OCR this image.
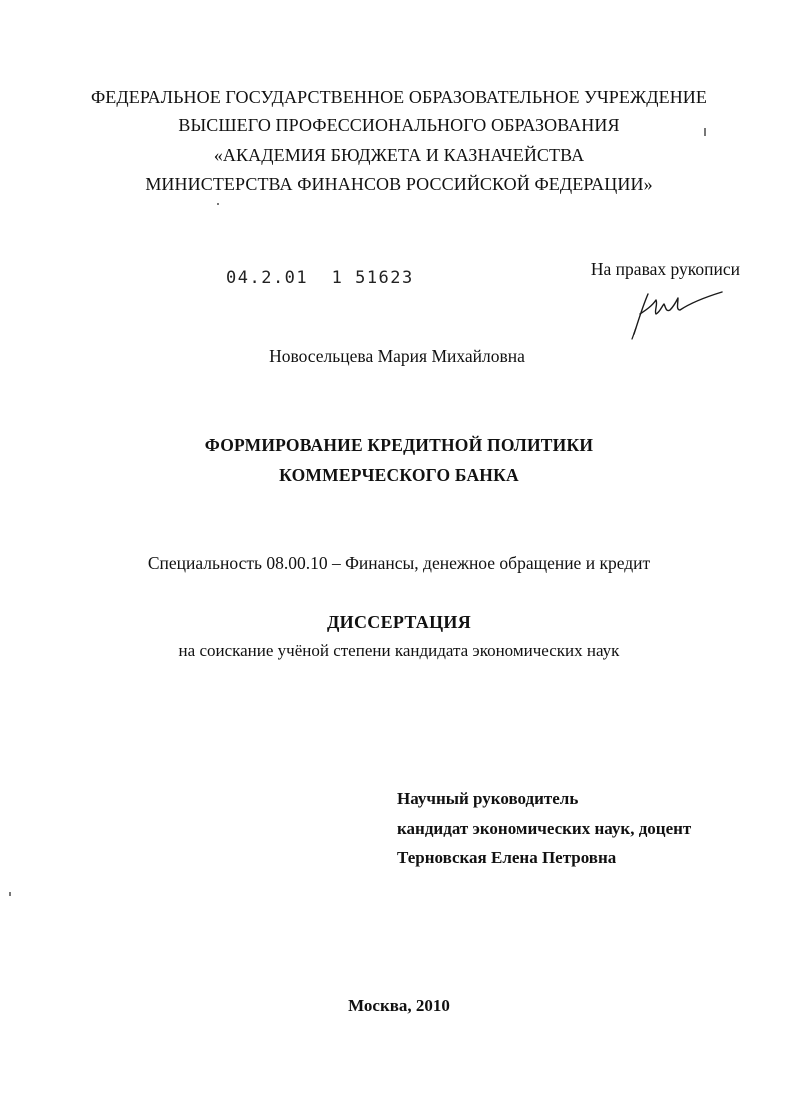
ФЕДЕРАЛЬНОЕ ГОСУДАРСТВЕННОЕ ОБРАЗОВАТЕЛЬНОЕ УЧРЕЖДЕНИЕ
ВЫСШЕГО ПРОФЕССИОНАЛЬНОГО ОБРАЗОВАНИЯ
«АКАДЕМИЯ БЮДЖЕТА И КАЗНАЧЕЙСТВА
МИНИСТЕРСТВА ФИНАНСОВ РОССИЙСКОЙ ФЕДЕРАЦИИ»
04.2.01  1 51623	На правах рукописи
Новосельцева Мария Михайловна
ФОРМИРОВАНИЕ КРЕДИТНОЙ ПОЛИТИКИ
КОММЕРЧЕСКОГО БАНКА
Специальность 08.00.10 – Финансы, денежное обращение и кредит
ДИССЕРТАЦИЯ
на соискание учёной степени кандидата экономических наук
Научный руководитель
кандидат экономических наук, доцент
Терновская Елена Петровна
Москва, 2010
